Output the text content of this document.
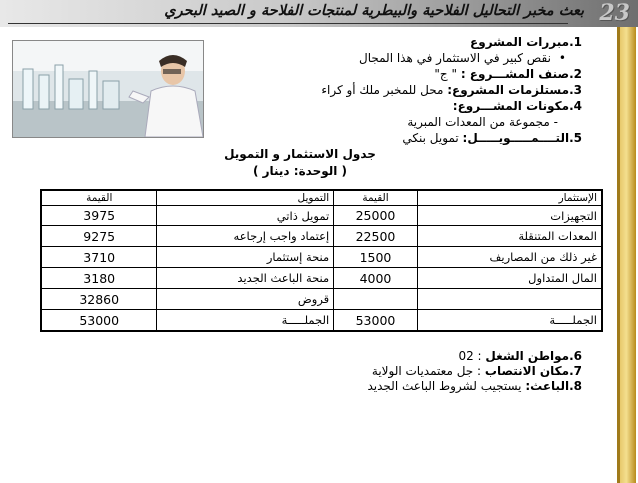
بعث مخبر التحاليل الفلاحية والبيطرية لمنتجات الفلاحة و الصيد البحري 23
1.مبررات المشروع
•نقص كبير في الاستثمار في هذا المجال
2.صنف المشـــروع : " ج"
3.مستلزمات المشروع: محل للمخبر ملك أو كراء
4.مكونات المشـــروع:
- مجموعة من المعدات المبرية
5.التــــمـــــويـــــل: تمويل بنكي
جدول الاستثمار و التمويل
( الوحدة: دينار )
الإستثمار	القيمة	التمويل	القيمة
التجهيزات	25000	تمويل ذاتي	3975
المعدات المتنقلة	22500	إعتماد واجب إرجاعه	9275
غير ذلك من المصاريف	1500	منحة إستثمار	3710
المال المتداول	4000	منحة الباعث الجديد	3180
		قروض	32860
الجملـــــة	53000	الجملـــــة	53000
6.مواطن الشغل : 02
7.مكان الانتصاب : جل معتمديات الولاية
8.الباعث: يستجيب لشروط الباعث الجديد
